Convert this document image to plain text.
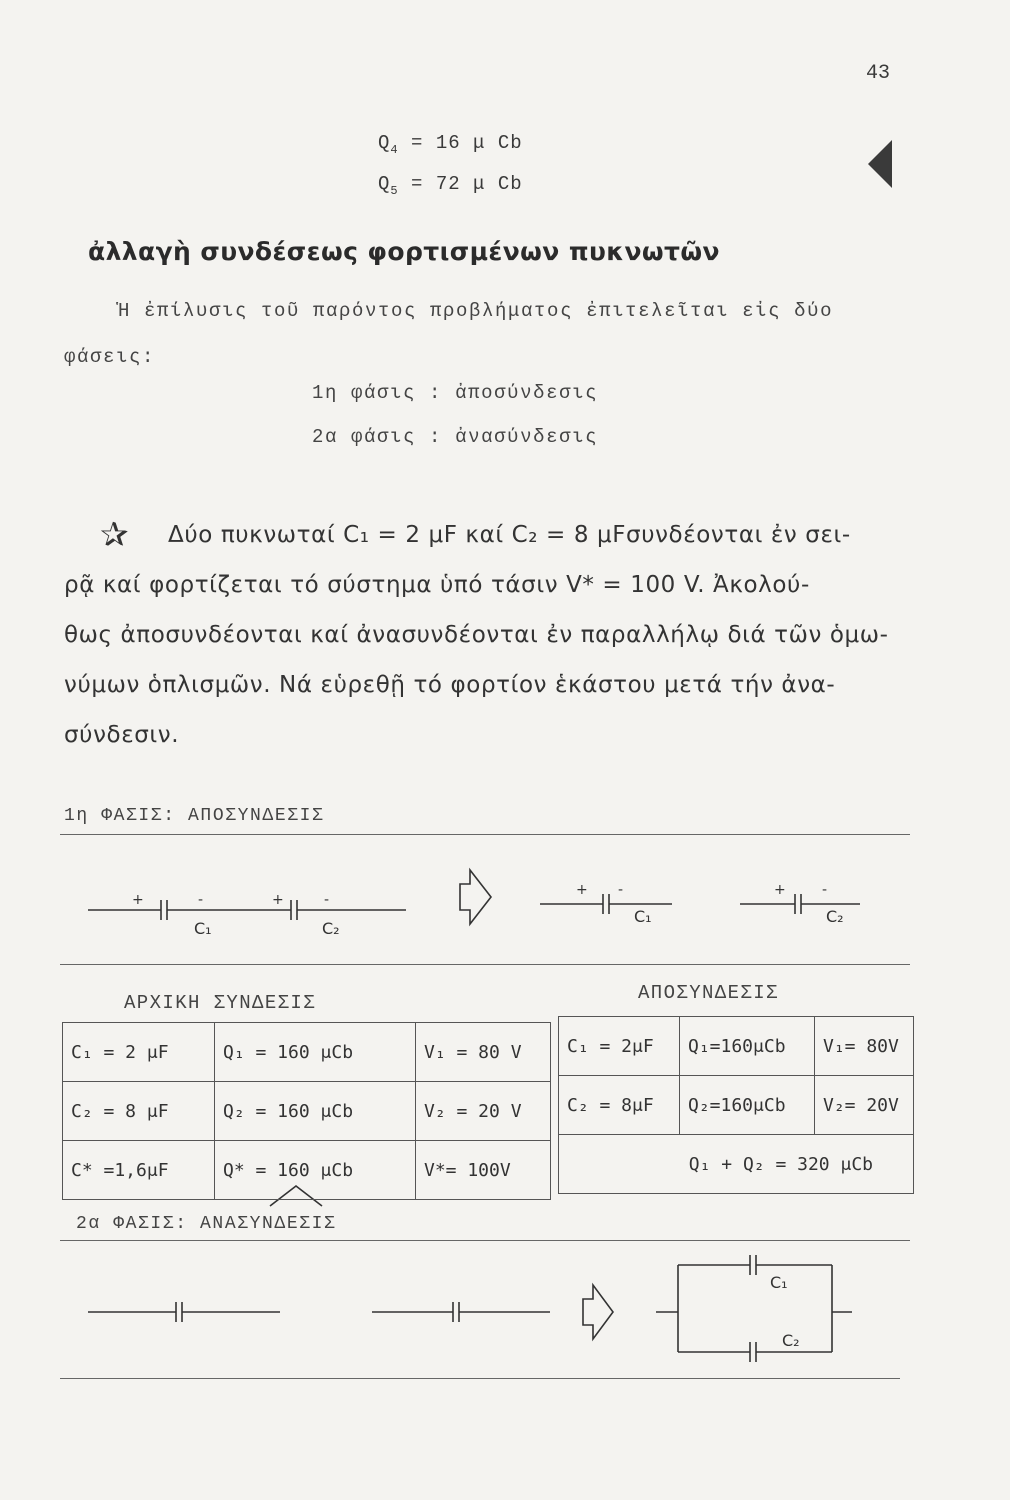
43
$Q_4 = 16$ μ Cb
$Q_5 = 72$ μ Cb
ἀλλαγὴ συνδέσεως φορτισμένων πυκνωτῶν
Ἡ ἐπίλυσις τοῦ παρόντος προβλήματος ἐπιτελεῖται εἰς δύο
φάσεις:
1η φάσις : ἀποσύνδεσις
2α φάσις : ἀνασύνδεσις
✰ Δύο πυκνωταί C₁ = 2 μF καί C₂ = 8 μFσυνδέονται ἐν σει-
ρᾷ καί φορτίζεται τό σύστημα ὑπό τάσιν V* = 100 V. Ἀκολού-
θως ἀποσυνδέονται καί ἀνασυνδέονται ἐν παραλλήλῳ διά τῶν ὁμω-
νύμων ὁπλισμῶν. Νά εὑρεθῇ τό φορτίον ἑκάστου μετά τήν ἀνα-
σύνδεσιν.
1η ΦΑΣΙΣ: ΑΠΟΣΥΝΔΕΣΙΣ
+	-	+	-
C₁	C₂
+ -
C₁
+	-
C₂
C₁
C₂
ΑΡΧΙΚΗ ΣΥΝΔΕΣΙΣ	ΑΠΟΣΥΝΔΕΣΙΣ
C₁ = 2 μF	Q₁ = 160 μCb	V₁ = 80 V
C₂ = 8 μF	Q₂ = 160 μCb	V₂ = 20 V
C* =1,6μF	Q* = 160 μCb	V*= 100V
C₁ = 2μF	Q₁=160μCb	V₁= 80V
C₂ = 8μF	Q₂=160μCb	V₂= 20V
Q₁ + Q₂ = 320 μCb		
2α ΦΑΣΙΣ: ΑΝΑΣΥΝΔΕΣΙΣ
